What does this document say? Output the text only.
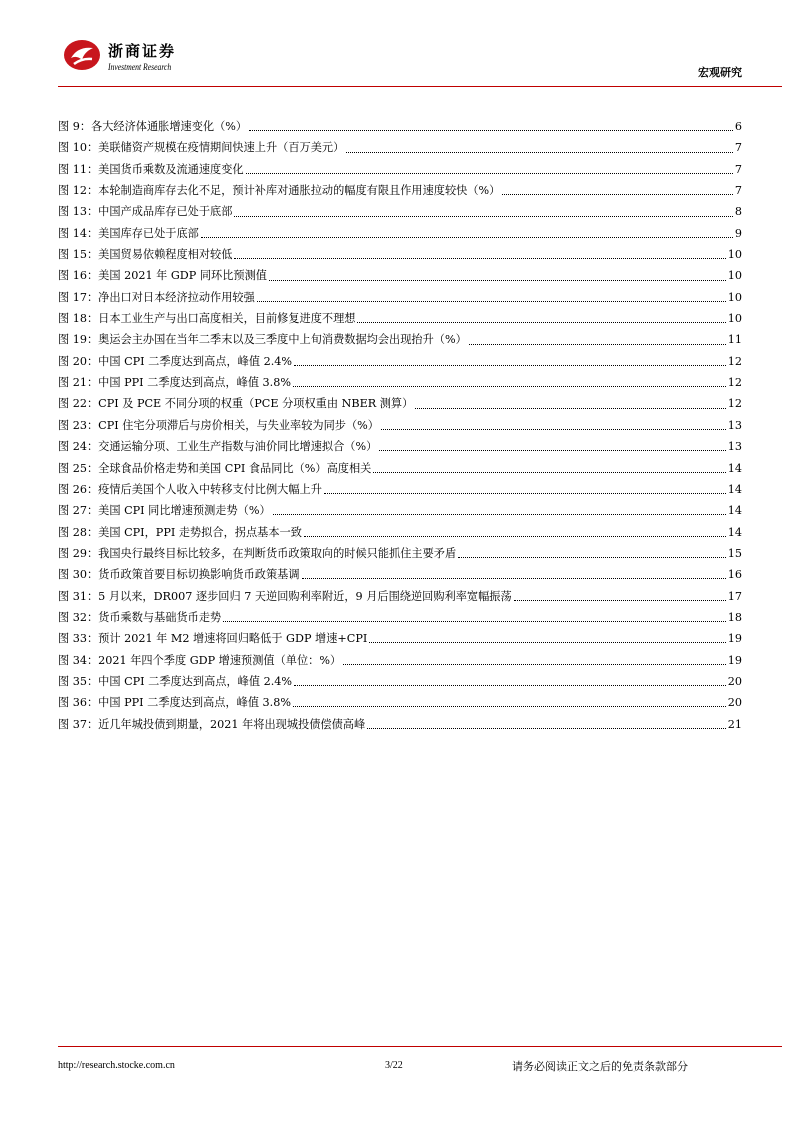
浙商证券
Investment Research	宏观研究
图 9：各大经济体通胀增速变化（%）	6
图 10：美联储资产规模在疫情期间快速上升（百万美元）	7
图 11：美国货币乘数及流通速度变化	7
图 12：本轮制造商库存去化不足，预计补库对通胀拉动的幅度有限且作用速度较快（%）	7
图 13：中国产成品库存已处于底部	8
图 14：美国库存已处于底部	9
图 15：美国贸易依赖程度相对较低	10
图 16：美国 2021 年 GDP 同环比预测值	10
图 17：净出口对日本经济拉动作用较强	10
图 18：日本工业生产与出口高度相关，目前修复进度不理想	10
图 19：奥运会主办国在当年二季末以及三季度中上旬消费数据均会出现抬升（%）	11
图 20：中国 CPI 二季度达到高点，峰值 2.4%	12
图 21：中国 PPI 二季度达到高点，峰值 3.8%	12
图 22：CPI 及 PCE 不同分项的权重（PCE 分项权重由 NBER 测算）	12
图 23：CPI 住宅分项滞后与房价相关，与失业率较为同步（%）	13
图 24：交通运输分项、工业生产指数与油价同比增速拟合（%）	13
图 25：全球食品价格走势和美国 CPI 食品同比（%）高度相关	14
图 26：疫情后美国个人收入中转移支付比例大幅上升	14
图 27：美国 CPI 同比增速预测走势（%）	14
图 28：美国 CPI，PPI 走势拟合，拐点基本一致	14
图 29：我国央行最终目标比较多，在判断货币政策取向的时候只能抓住主要矛盾	15
图 30：货币政策首要目标切换影响货币政策基调	16
图 31：5 月以来，DR007 逐步回归 7 天逆回购利率附近，9 月后围绕逆回购利率宽幅振荡	17
图 32：货币乘数与基础货币走势	18
图 33：预计 2021 年 M2 增速将回归略低于 GDP 增速+CPI	19
图 34：2021 年四个季度 GDP 增速预测值（单位：%）	19
图 35：中国 CPI 二季度达到高点，峰值 2.4%	20
图 36：中国 PPI 二季度达到高点，峰值 3.8%	20
图 37：近几年城投债到期量，2021 年将出现城投债偿债高峰	21
http://research.stocke.com.cn	3/22	请务必阅读正文之后的免责条款部分
